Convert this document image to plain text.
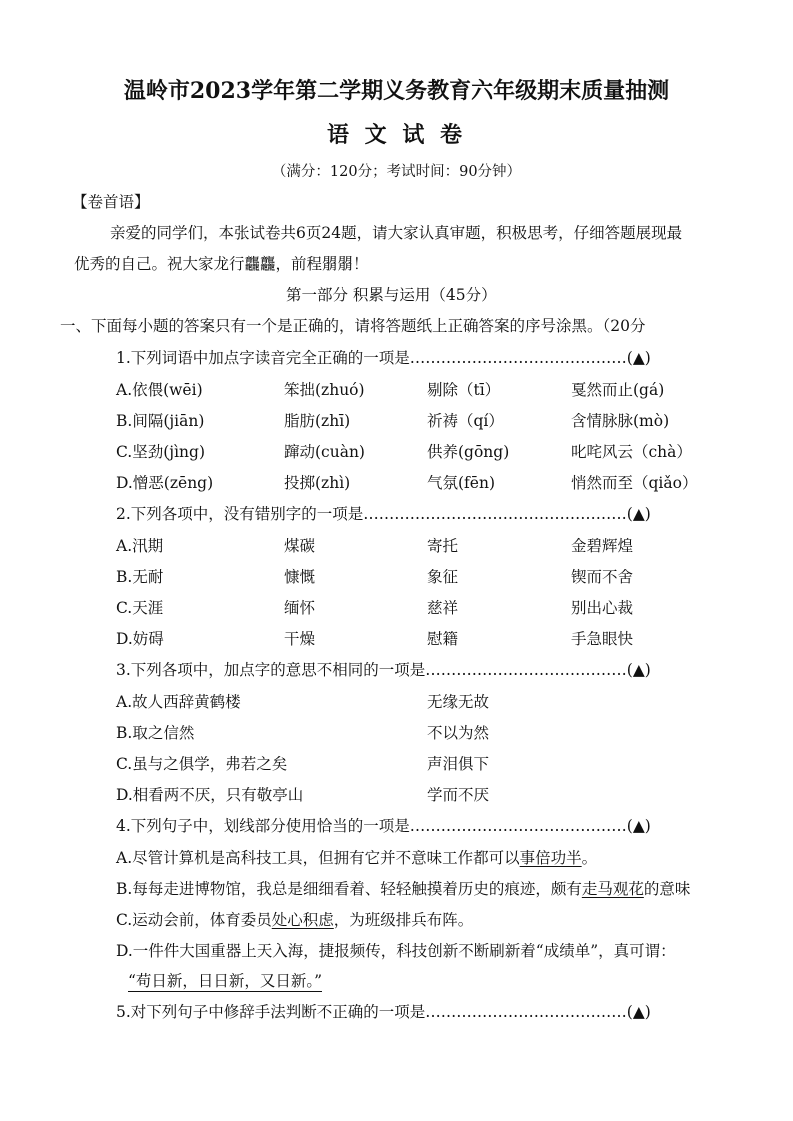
温岭市2023学年第二学期义务教育六年级期末质量抽测
语 文 试 卷
（满分：120分；考试时间：90分钟）
【卷首语】
亲爱的同学们，本张试卷共6页24题，请大家认真审题，积极思考，仔细答题展现最
优秀的自己。祝大家龙行龘龘，前程朤朤！
第一部分 积累与运用（45分）
一、下面每小题的答案只有一个是正确的，请将答题纸上正确答案的序号涂黑。（20分
1.下列词语中加点字读音完全正确的一项是……………………………………(▲)
A.依偎(wēi)	笨拙(zhuó)	剔除（tī）	戛然而止(gá)
B.间隔(jiān)	脂肪(zhī)	祈祷（qí）	含情脉脉(mò)
C.坚劲(jìng)	蹿动(cuàn)	供养(gōng)	叱咤风云（chà）
D.憎恶(zēng)	投掷(zhì)	气氛(fēn)	悄然而至（qiǎo）
2.下列各项中，没有错别字的一项是……………………………………………(▲)
A.汛期	煤碳	寄托	金碧辉煌
B.无耐	慷慨	象征	锲而不舍
C.天涯	缅怀	慈祥	别出心裁
D.妨碍	干燥	慰籍	手急眼快
3.下列各项中，加点字的意思不相同的一项是…………………………………(▲)
A.故人西辞黄鹤楼	无缘无故
B.取之信然	不以为然
C.虽与之俱学，弗若之矣	声泪俱下
D.相看两不厌，只有敬亭山	学而不厌
4.下列句子中，划线部分使用恰当的一项是……………………………………(▲)
A.尽管计算机是高科技工具，但拥有它并不意味工作都可以事倍功半。
B.每每走进博物馆，我总是细细看着、轻轻触摸着历史的痕迹，颇有走马观花的意味
C.运动会前，体育委员处心积虑，为班级排兵布阵。
D.一件件大国重器上天入海，捷报频传，科技创新不断刷新着“成绩单”，真可谓：
“苟日新，日日新，又日新。”
5.对下列句子中修辞手法判断不正确的一项是…………………………………(▲)
